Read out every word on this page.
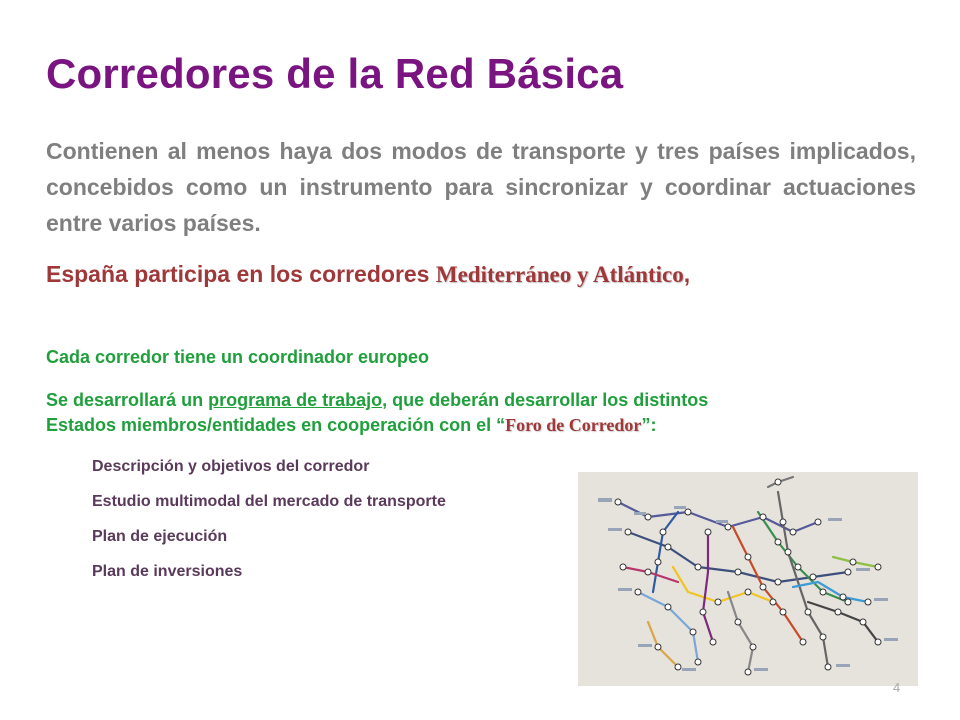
Corredores de la Red Básica
Contienen al menos haya dos modos de transporte y tres países implicados, concebidos como un instrumento para sincronizar y coordinar actuaciones entre varios países.
España participa en los corredores Mediterráneo y Atlántico,
Cada corredor tiene un coordinador europeo
Se desarrollará un programa de trabajo, que deberán desarrollar los distintos
Estados miembros/entidades en cooperación con el “Foro de Corredor”:
Descripción y objetivos del corredor
Estudio multimodal del mercado de transporte
Plan de ejecución
Plan de inversiones
4
